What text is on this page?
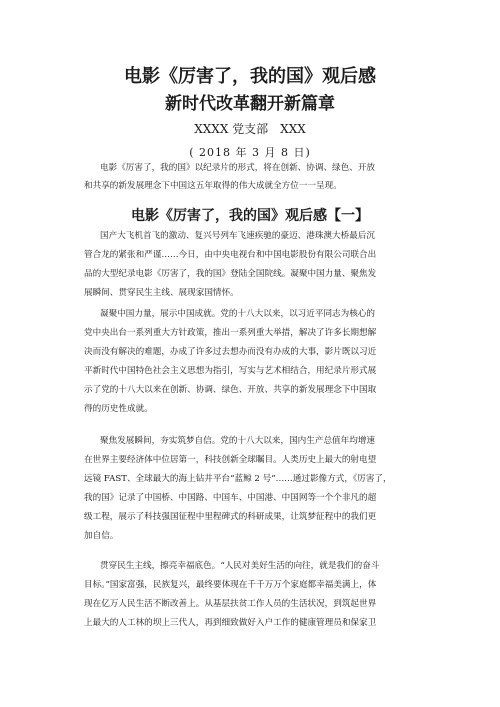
电影《厉害了，我的国》观后感
新时代改革翻开新篇章
XXXX 党支部　XXX
( 2018 年 3 月 8 日)
电影《厉害了，我的国》以纪录片的形式，将在创新、协调、绿色、开放
和共享的新发展理念下中国这五年取得的伟大成就全方位一一呈现。
电影《厉害了，我的国》观后感【一】
国产大飞机首飞的激动、复兴号列车飞速疾驰的豪迈、港珠澳大桥最后沉
管合龙的紧张和严谨……今日，由中央电视台和中国电影股份有限公司联合出
品的大型纪录电影《厉害了，我的国》登陆全国院线。凝聚中国力量、聚焦发
展瞬间、贯穿民生主线、展现家国情怀。
凝聚中国力量，展示中国成就。党的十八大以来，以习近平同志为核心的
党中央出台一系列重大方针政策，推出一系列重大举措，解决了许多长期想解
决而没有解决的难题，办成了许多过去想办而没有办成的大事，影片既以习近
平新时代中国特色社会主义思想为指引，写实与艺术相结合，用纪录片形式展
示了党的十八大以来在创新、协调、绿色、开放、共享的新发展理念下中国取
得的历史性成就。
聚焦发展瞬间，夯实筑梦自信。党的十八大以来，国内生产总值年均增速
在世界主要经济体中位居第一，科技创新全球瞩目。人类历史上最大的射电望
远镜 FAST、全球最大的海上钻井平台“蓝鲸 2 号”……通过影像方式，《厉害了，
我的国》记录了中国桥、中国路、中国车、中国港、中国网等一个个非凡的超
级工程，展示了科技强国征程中里程碑式的科研成果，让筑梦征程中的我们更
加自信。
贯穿民生主线，擦亮幸福底色。“人民对美好生活的向往，就是我们的奋斗
目标。”国家富强，民族复兴，最终要体现在千千万万个家庭都幸福美满上，体
现在亿万人民生活不断改善上。从基层扶贫工作人员的生活状况，到筑起世界
上最大的人工林的坝上三代人，再到细致做好入户工作的健康管理员和保家卫
